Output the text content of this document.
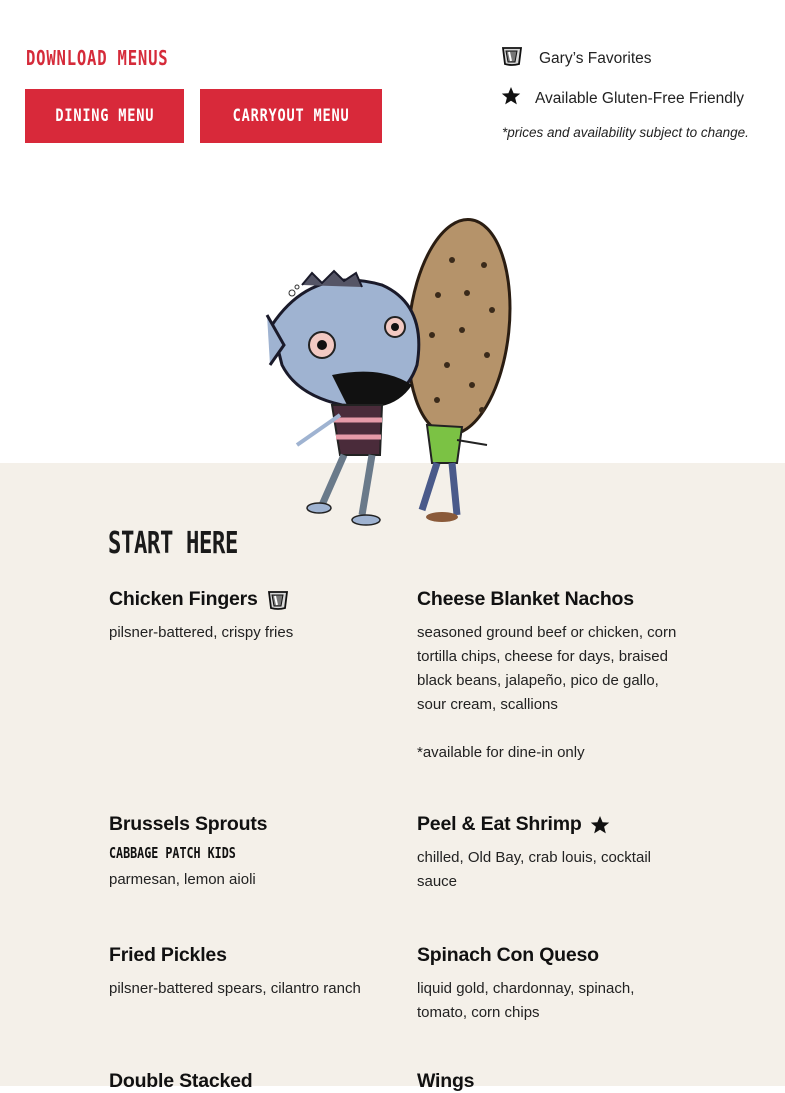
DOWNLOAD MENUS
DINING MENU	CARRYOUT MENU
Gary’s Favorites
Available Gluten-Free Friendly
*prices and availability subject to change.
START HERE
Chicken Fingers
pilsner-battered, crispy fries
Cheese Blanket Nachos
seasoned ground beef or chicken, corn tortilla chips, cheese for days, braised black beans, jalapeño, pico de gallo, sour cream, scallions
*available for dine-in only
Brussels Sprouts
CABBAGE PATCH KIDS
parmesan, lemon aioli
Peel & Eat Shrimp
chilled, Old Bay, crab louis, cocktail sauce
Fried Pickles
pilsner-battered spears, cilantro ranch
Spinach Con Queso
liquid gold, chardonnay, spinach, tomato, corn chips
Double Stacked	Wings
